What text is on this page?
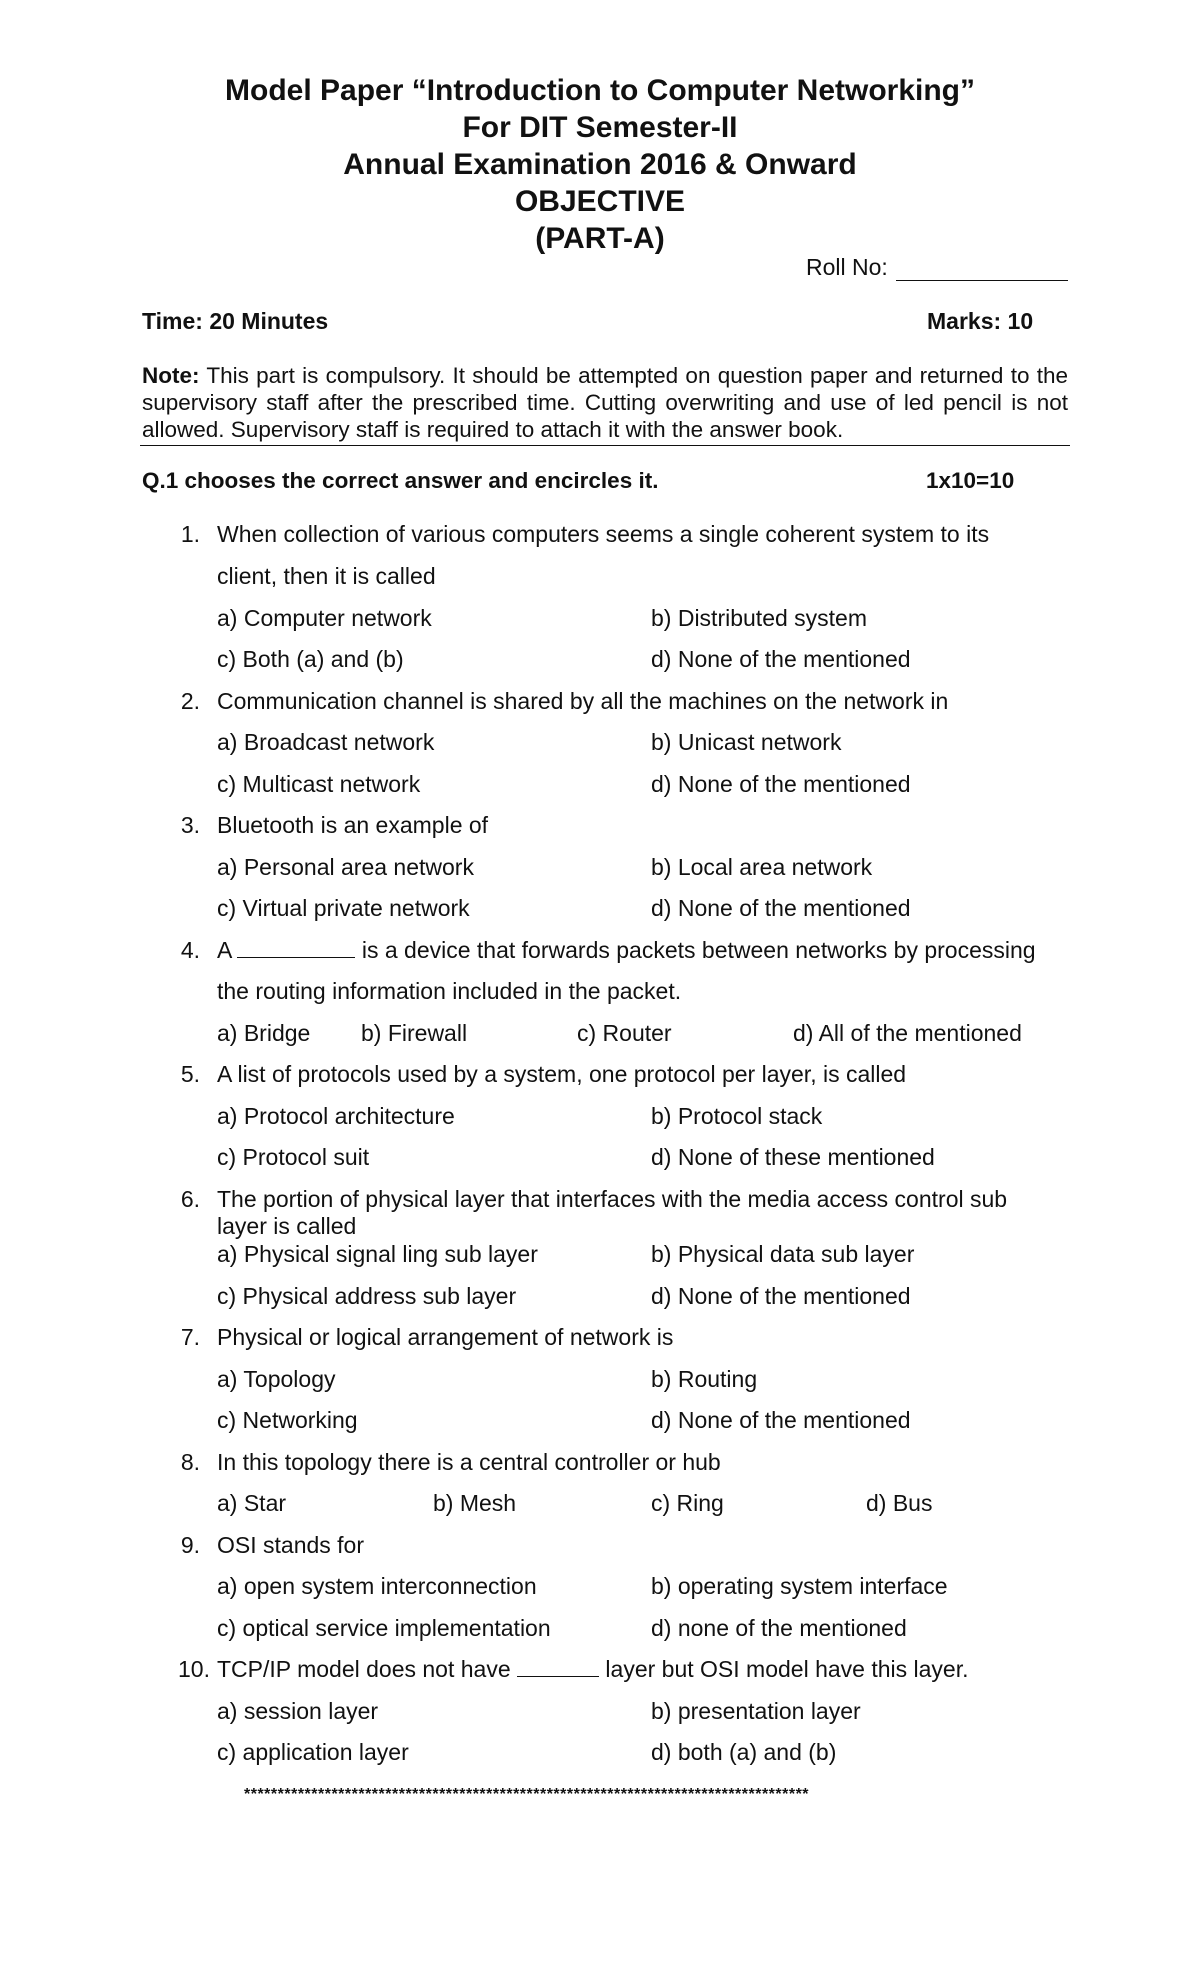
Model Paper “Introduction to Computer Networking”
For DIT Semester-II
Annual Examination 2016 & Onward
OBJECTIVE
(PART-A)
Roll No:
Time: 20 Minutes	Marks: 10
Note: This part is compulsory. It should be attempted on question paper and returned to the supervisory staff after the prescribed time. Cutting overwriting and use of led pencil is not allowed. Supervisory staff is required to attach it with the answer book.
Q.1 chooses the correct answer and encircles it.	1x10=10
1. When collection of various computers seems a single coherent system to its
client, then it is called
a) Computer network	b) Distributed system
c) Both (a) and (b)	d) None of the mentioned
2. Communication channel is shared by all the machines on the network in
a) Broadcast network	b) Unicast network
c) Multicast network	d) None of the mentioned
3. Bluetooth is an example of
a) Personal area network	b) Local area network
c) Virtual private network	d) None of the mentioned
4. A	is a device that forwards packets between networks by processing
the routing information included in the packet.
a) Bridge b) Firewall	c) Router	d) All of the mentioned
5. A list of protocols used by a system, one protocol per layer, is called
a) Protocol architecture	b) Protocol stack
c) Protocol suit	d) None of these mentioned
6. The portion of physical layer that interfaces with the media access control sub
layer is called
a) Physical signal ling sub layer	b) Physical data sub layer
c) Physical address sub layer	d) None of the mentioned
7. Physical or logical arrangement of network is
a) Topology	b) Routing
c) Networking	d) None of the mentioned
8. In this topology there is a central controller or hub
a) Star	b) Mesh	c) Ring	d) Bus
9. OSI stands for
a) open system interconnection	b) operating system interface
c) optical service implementation	d) none of the mentioned
10. TCP/IP model does not have	layer but OSI model have this layer.
a) session layer	b) presentation layer
c) application layer	d) both (a) and (b)
************************************************************************************
